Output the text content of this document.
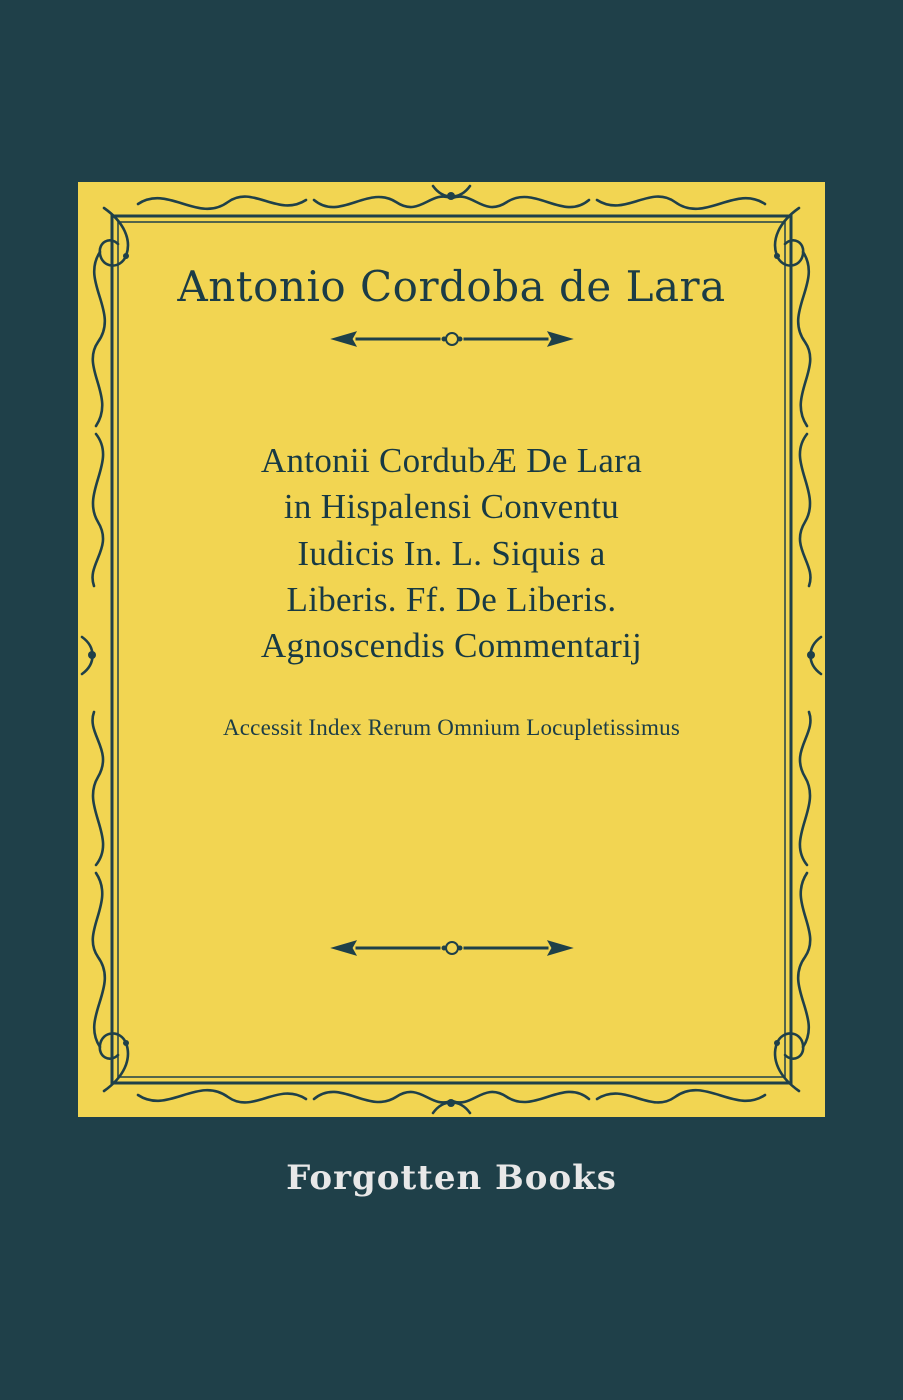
Antonio Cordoba de Lara
Antonii CordubÆ De Lara
in Hispalensi Conventu
Iudicis In. L. Siquis a
Liberis. Ff. De Liberis.
Agnoscendis Commentarij
Accessit Index Rerum Omnium Locupletissimus
Forgotten Books
